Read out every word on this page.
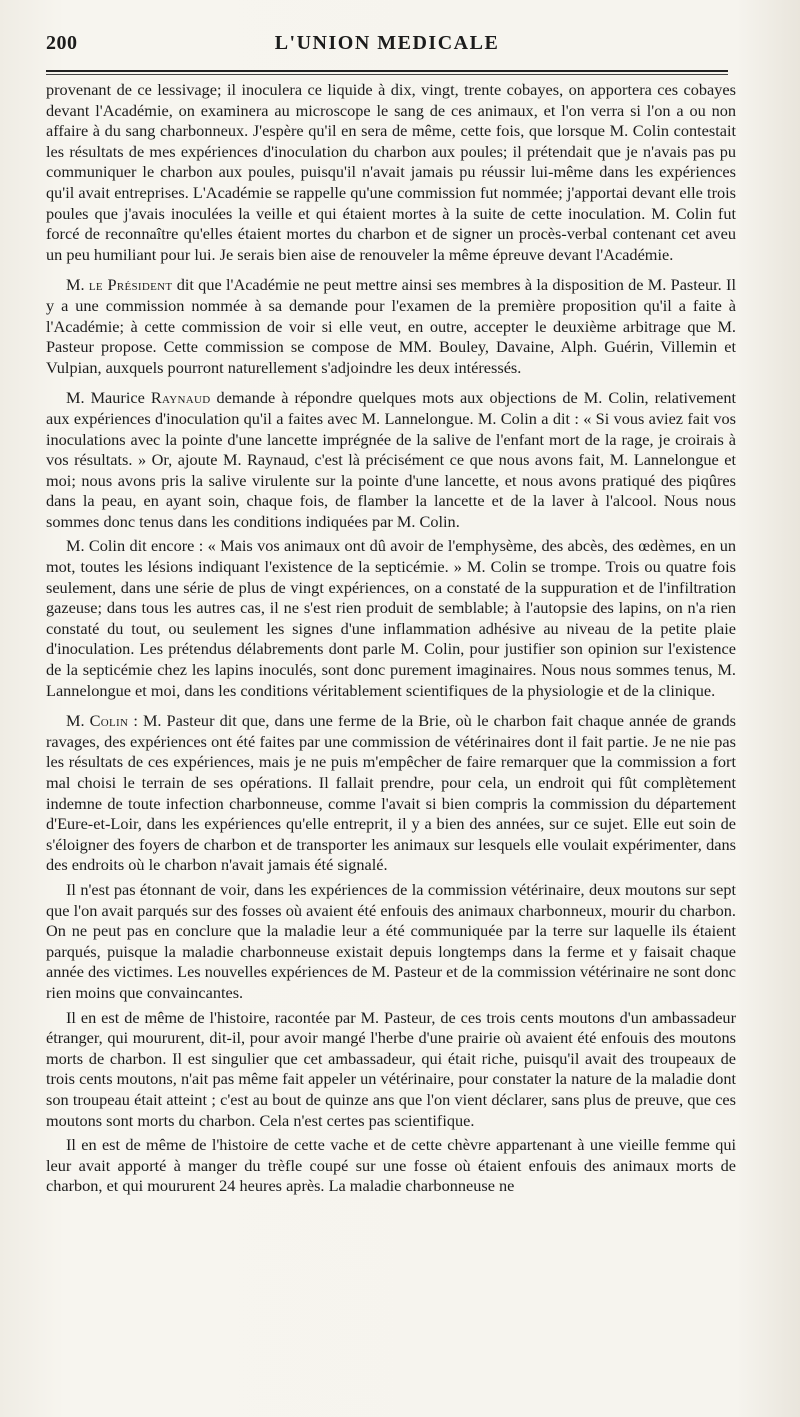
200	L'UNION MEDICALE

provenant de ce lessivage; il inoculera ce liquide à dix, vingt, trente cobayes, on apportera ces cobayes devant l'Académie, on examinera au microscope le sang de ces animaux, et l'on verra si l'on a ou non affaire à du sang charbonneux. J'espère qu'il en sera de même, cette fois, que lorsque M. Colin contestait les résultats de mes expériences d'inoculation du charbon aux poules; il prétendait que je n'avais pas pu communiquer le charbon aux poules, puisqu'il n'avait jamais pu réussir lui-même dans les expériences qu'il avait entreprises. L'Académie se rappelle qu'une commission fut nommée; j'apportai devant elle trois poules que j'avais inoculées la veille et qui étaient mortes à la suite de cette inoculation. M. Colin fut forcé de reconnaître qu'elles étaient mortes du charbon et de signer un procès-verbal contenant cet aveu un peu humiliant pour lui. Je serais bien aise de renouveler la même épreuve devant l'Académie.

M. le Président dit que l'Académie ne peut mettre ainsi ses membres à la disposition de M. Pasteur. Il y a une commission nommée à sa demande pour l'examen de la première proposition qu'il a faite à l'Académie; à cette commission de voir si elle veut, en outre, accepter le deuxième arbitrage que M. Pasteur propose. Cette commission se compose de MM. Bouley, Davaine, Alph. Guérin, Villemin et Vulpian, auxquels pourront naturellement s'adjoindre les deux intéressés.

M. Maurice Raynaud demande à répondre quelques mots aux objections de M. Colin, relativement aux expériences d'inoculation qu'il a faites avec M. Lannelongue. M. Colin a dit : « Si vous aviez fait vos inoculations avec la pointe d'une lancette imprégnée de la salive de l'enfant mort de la rage, je croirais à vos résultats. » Or, ajoute M. Raynaud, c'est là précisément ce que nous avons fait, M. Lannelongue et moi; nous avons pris la salive virulente sur la pointe d'une lancette, et nous avons pratiqué des piqûres dans la peau, en ayant soin, chaque fois, de flamber la lancette et de la laver à l'alcool. Nous nous sommes donc tenus dans les conditions indiquées par M. Colin.

M. Colin dit encore : « Mais vos animaux ont dû avoir de l'emphysème, des abcès, des œdèmes, en un mot, toutes les lésions indiquant l'existence de la septicémie. » M. Colin se trompe. Trois ou quatre fois seulement, dans une série de plus de vingt expériences, on a constaté de la suppuration et de l'infiltration gazeuse; dans tous les autres cas, il ne s'est rien produit de semblable; à l'autopsie des lapins, on n'a rien constaté du tout, ou seulement les signes d'une inflammation adhésive au niveau de la petite plaie d'inoculation. Les prétendus délabrements dont parle M. Colin, pour justifier son opinion sur l'existence de la septicémie chez les lapins inoculés, sont donc purement imaginaires. Nous nous sommes tenus, M. Lannelongue et moi, dans les conditions véritablement scientifiques de la physiologie et de la clinique.

M. Colin : M. Pasteur dit que, dans une ferme de la Brie, où le charbon fait chaque année de grands ravages, des expériences ont été faites par une commission de vétérinaires dont il fait partie. Je ne nie pas les résultats de ces expériences, mais je ne puis m'empêcher de faire remarquer que la commission a fort mal choisi le terrain de ses opérations. Il fallait prendre, pour cela, un endroit qui fût complètement indemne de toute infection charbonneuse, comme l'avait si bien compris la commission du département d'Eure-et-Loir, dans les expériences qu'elle entreprit, il y a bien des années, sur ce sujet. Elle eut soin de s'éloigner des foyers de charbon et de transporter les animaux sur lesquels elle voulait expérimenter, dans des endroits où le charbon n'avait jamais été signalé.

Il n'est pas étonnant de voir, dans les expériences de la commission vétérinaire, deux moutons sur sept que l'on avait parqués sur des fosses où avaient été enfouis des animaux charbonneux, mourir du charbon. On ne peut pas en conclure que la maladie leur a été communiquée par la terre sur laquelle ils étaient parqués, puisque la maladie charbonneuse existait depuis longtemps dans la ferme et y faisait chaque année des victimes. Les nouvelles expériences de M. Pasteur et de la commission vétérinaire ne sont donc rien moins que convaincantes.

Il en est de même de l'histoire, racontée par M. Pasteur, de ces trois cents moutons d'un ambassadeur étranger, qui moururent, dit-il, pour avoir mangé l'herbe d'une prairie où avaient été enfouis des moutons morts de charbon. Il est singulier que cet ambassadeur, qui était riche, puisqu'il avait des troupeaux de trois cents moutons, n'ait pas même fait appeler un vétérinaire, pour constater la nature de la maladie dont son troupeau était atteint ; c'est au bout de quinze ans que l'on vient déclarer, sans plus de preuve, que ces moutons sont morts du charbon. Cela n'est certes pas scientifique.

Il en est de même de l'histoire de cette vache et de cette chèvre appartenant à une vieille femme qui leur avait apporté à manger du trèfle coupé sur une fosse où étaient enfouis des animaux morts de charbon, et qui moururent 24 heures après. La maladie charbonneuse ne
